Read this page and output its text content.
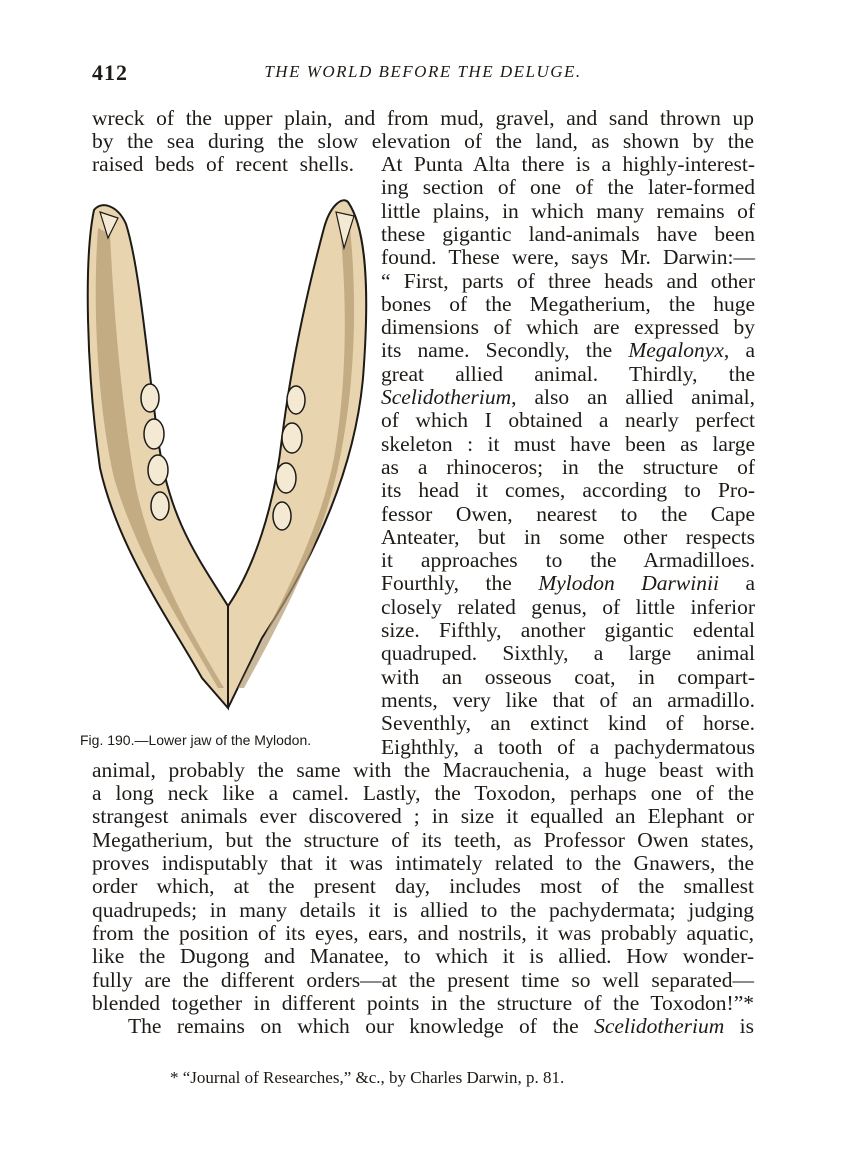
412	THE WORLD BEFORE THE DELUGE.
wreck of the upper plain, and from mud, gravel, and sand thrown up
by the sea during the slow elevation of the land, as shown by the
raised beds of recent shells. At Punta Alta there is a highly-interest-
ing section of one of the later-formed
little plains, in which many remains of
these gigantic land-animals have been
found. These were, says Mr. Darwin:—
“ First, parts of three heads and other
bones of the Megatherium, the huge
dimensions of which are expressed by
its name. Secondly, the Megalonyx, a
great allied animal. Thirdly, the
Scelidotherium, also an allied animal,
of which I obtained a nearly perfect
skeleton : it must have been as large
as a rhinoceros; in the structure of
its head it comes, according to Pro-
fessor Owen, nearest to the Cape
Anteater, but in some other respects
it approaches to the Armadilloes.
Fourthly, the Mylodon Darwinii a
closely related genus, of little inferior
size. Fifthly, another gigantic edental
quadruped. Sixthly, a large animal
with an osseous coat, in compart-
ments, very like that of an armadillo.
Seventhly, an extinct kind of horse.
Eighthly, a tooth of a pachydermatous
animal, probably the same with the Macrauchenia, a huge beast with
a long neck like a camel. Lastly, the Toxodon, perhaps one of the
strangest animals ever discovered ; in size it equalled an Elephant or
Megatherium, but the structure of its teeth, as Professor Owen states,
proves indisputably that it was intimately related to the Gnawers, the
order which, at the present day, includes most of the smallest
quadrupeds; in many details it is allied to the pachydermata; judging
from the position of its eyes, ears, and nostrils, it was probably aquatic,
like the Dugong and Manatee, to which it is allied. How wonder-
fully are the different orders—at the present time so well separated—
blended together in different points in the structure of the Toxodon!”*
The remains on which our knowledge of the Scelidotherium is
Fig. 190.—Lower jaw of the Mylodon.
* “Journal of Researches,” &c., by Charles Darwin, p. 81.
